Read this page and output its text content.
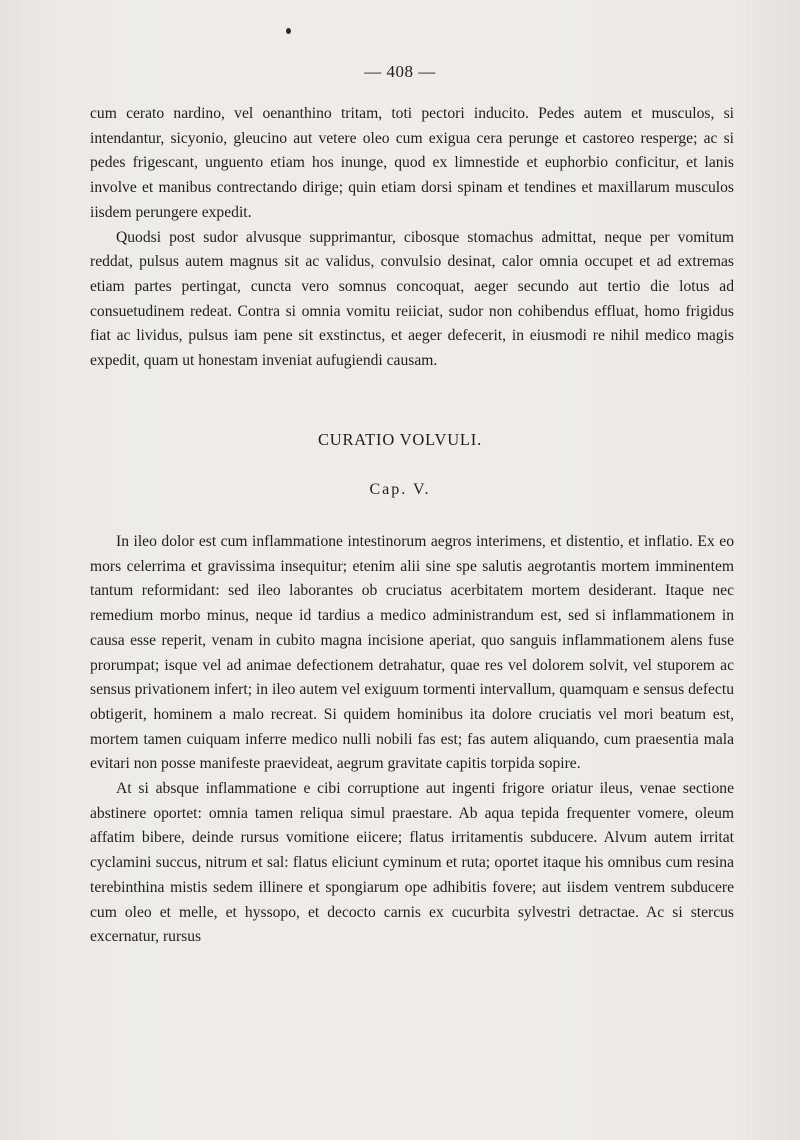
— 408 —

cum cerato nardino, vel oenanthino tritam, toti pectori inducito. Pedes autem et musculos, si intendantur, sicyonio, gleucino aut vetere oleo cum exigua cera perunge et castoreo resperge; ac si pedes frigescant, unguento etiam hos inunge, quod ex limnestide et euphorbio conficitur, et lanis involve et manibus contrectando dirige; quin etiam dorsi spinam et tendines et maxillarum musculos iisdem perungere expedit.

Quodsi post sudor alvusque supprimantur, cibosque stomachus admittat, neque per vomitum reddat, pulsus autem magnus sit ac validus, convulsio desinat, calor omnia occupet et ad extremas etiam partes pertingat, cuncta vero somnus concoquat, aeger secundo aut tertio die lotus ad consuetudinem redeat. Contra si omnia vomitu reiiciat, sudor non cohibendus effluat, homo frigidus fiat ac lividus, pulsus iam pene sit exstinctus, et aeger defecerit, in eiusmodi re nihil medico magis expedit, quam ut honestam inveniat aufugiendi causam.

CURATIO VOLVULI.
Cap. V.

In ileo dolor est cum inflammatione intestinorum aegros interimens, et distentio, et inflatio. Ex eo mors celerrima et gravissima insequitur; etenim alii sine spe salutis aegrotantis mortem imminentem tantum reformidant: sed ileo laborantes ob cruciatus acerbitatem mortem desiderant. Itaque nec remedium morbo minus, neque id tardius a medico administrandum est, sed si inflammationem in causa esse reperit, venam in cubito magna incisione aperiat, quo sanguis inflammationem alens fuse prorumpat; isque vel ad animae defectionem detrahatur, quae res vel dolorem solvit, vel stuporem ac sensus privationem infert; in ileo autem vel exiguum tormenti intervallum, quamquam e sensus defectu obtigerit, hominem a malo recreat. Si quidem hominibus ita dolore cruciatis vel mori beatum est, mortem tamen cuiquam inferre medico nulli nobili fas est; fas autem aliquando, cum praesentia mala evitari non posse manifeste praevideat, aegrum gravitate capitis torpida sopire.

At si absque inflammatione e cibi corruptione aut ingenti frigore oriatur ileus, venae sectione abstinere oportet: omnia tamen reliqua simul praestare. Ab aqua tepida frequenter vomere, oleum affatim bibere, deinde rursus vomitione eiicere; flatus irritamentis subducere. Alvum autem irritat cyclamini succus, nitrum et sal: flatus eliciunt cyminum et ruta; oportet itaque his omnibus cum resina terebinthina mistis sedem illinere et spongiarum ope adhibitis fovere; aut iisdem ventrem subducere cum oleo et melle, et hyssopo, et decocto carnis ex cucurbita sylvestri detractae. Ac si stercus excernatur, rursus
